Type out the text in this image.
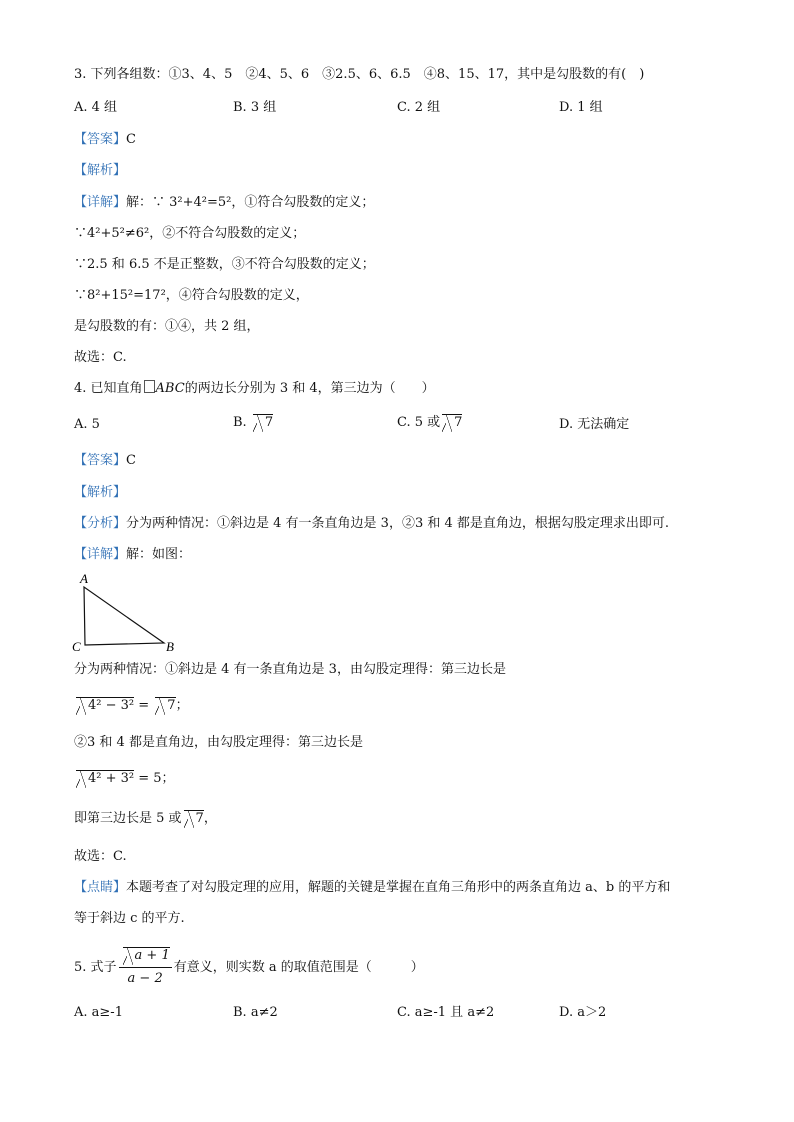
3. 下列各组数：①3、4、5　②4、5、6　③2.5、6、6.5　④8、15、17，其中是勾股数的有(　)
A. 4 组	B. 3 组	C. 2 组	D. 1 组
【答案】C
【解析】
【详解】解：∵ 3²+4²=5²，①符合勾股数的定义；
∵4²+5²≠6²，②不符合勾股数的定义；
∵2.5 和 6.5 不是正整数，③不符合勾股数的定义；
∵8²+15²=17²，④符合勾股数的定义，
是勾股数的有：①④，共 2 组，
故选：C.
4. 已知直角 ABC的两边长分别为 3 和 4，第三边为（　　）
A. 5	B. 7	C. 5 或 7	D. 无法确定
【答案】C
【解析】
【分析】分为两种情况：①斜边是 4 有一条直角边是 3，②3 和 4 都是直角边，根据勾股定理求出即可.
【详解】解：如图：
A
C	B
分为两种情况：①斜边是 4 有一条直角边是 3，由勾股定理得：第三边长是
4² − 3² = 7；
②3 和 4 都是直角边，由勾股定理得：第三边长是
4² + 3² = 5；
即第三边长是 5 或 7，
故选：C.
【点睛】本题考查了对勾股定理的应用，解题的关键是掌握在直角三角形中的两条直角边 a、b 的平方和
等于斜边 c 的平方.
5. 式子 $\frac{a + 1}{a - 2}$ 有意义，则实数 a 的取值范围是（　　　）
A. a≥-1	B. a≠2	C. a≥-1 且 a≠2	D. a＞2
